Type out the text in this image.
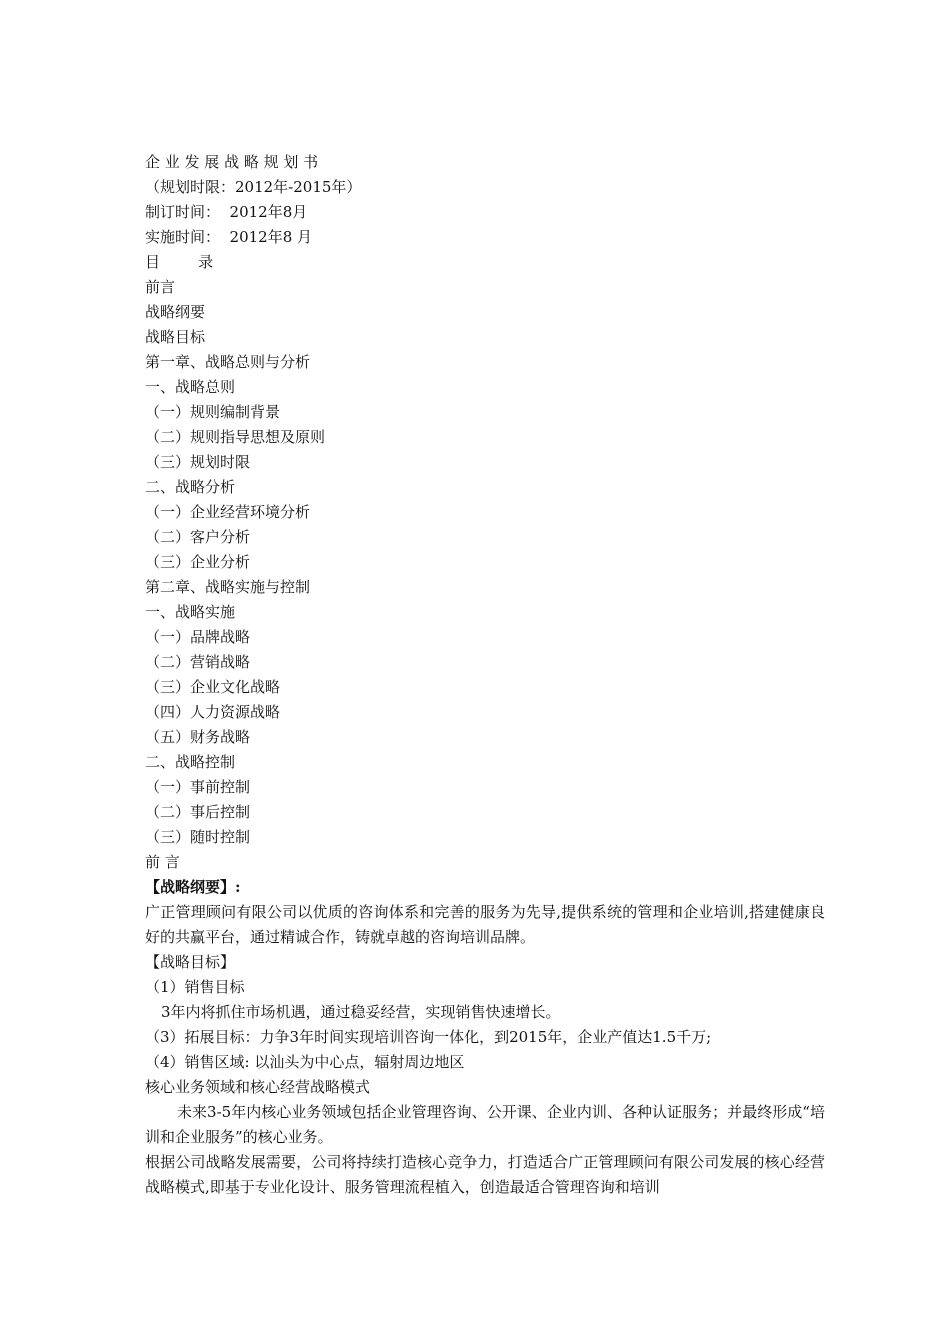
企 业 发 展 战 略 规 划 书
（规划时限：2012年-2015年）
制订时间：  2012年8月
实施时间：  2012年8 月
目        录
前言
战略纲要
战略目标
第一章、战略总则与分析
一、战略总则
（一）规则编制背景
（二）规则指导思想及原则
（三）规划时限
二、战略分析
（一）企业经营环境分析
（二）客户分析
（三）企业分析
第二章、战略实施与控制
一、战略实施
（一）品牌战略
（二）营销战略
（三）企业文化战略
（四）人力资源战略
（五）财务战略
二、战略控制
（一）事前控制
（二）事后控制
（三）随时控制
前 言
【战略纲要】:
广正管理顾问有限公司以优质的咨询体系和完善的服务为先导,提供系统的管理和企业培训,搭建健康良好的共赢平台，通过精诚合作，铸就卓越的咨询培训品牌。
【战略目标】
（1）销售目标
3年内将抓住市场机遇，通过稳妥经营，实现销售快速增长。
（3）拓展目标：力争3年时间实现培训咨询一体化，到2015年，企业产值达1.5千万;
（4）销售区域: 以汕头为中心点，辐射周边地区
核心业务领域和核心经营战略模式
未来3-5年内核心业务领域包括企业管理咨询、公开课、企业内训、各种认证服务；并最终形成“培训和企业服务”的核心业务。
根据公司战略发展需要，公司将持续打造核心竞争力，打造适合广正管理顾问有限公司发展的核心经营战略模式,即基于专业化设计、服务管理流程植入，创造最适合管理咨询和培训
